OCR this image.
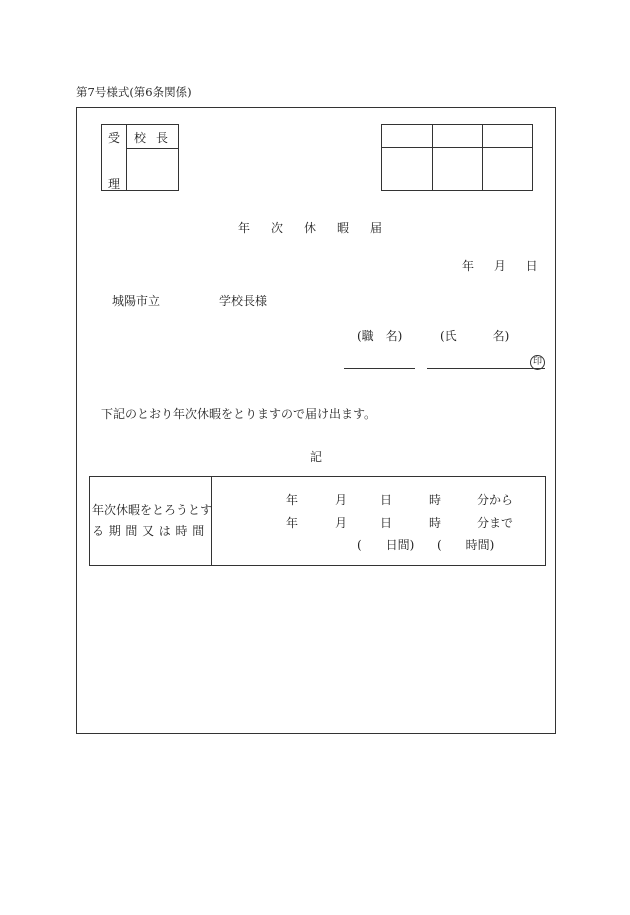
第7号様式(第6条関係)
受
理
校長
年次休暇届
年 月 日
城陽市立	学校長様
(職　名)	(氏　　　名)
印
下記のとおり年次休暇をとりますので届け出ます。
記
年次休暇をとろうとす
る期間又は時間
年	月	日	時	分から
年	月	日	時	分まで
(　　日間) (　　時間)
